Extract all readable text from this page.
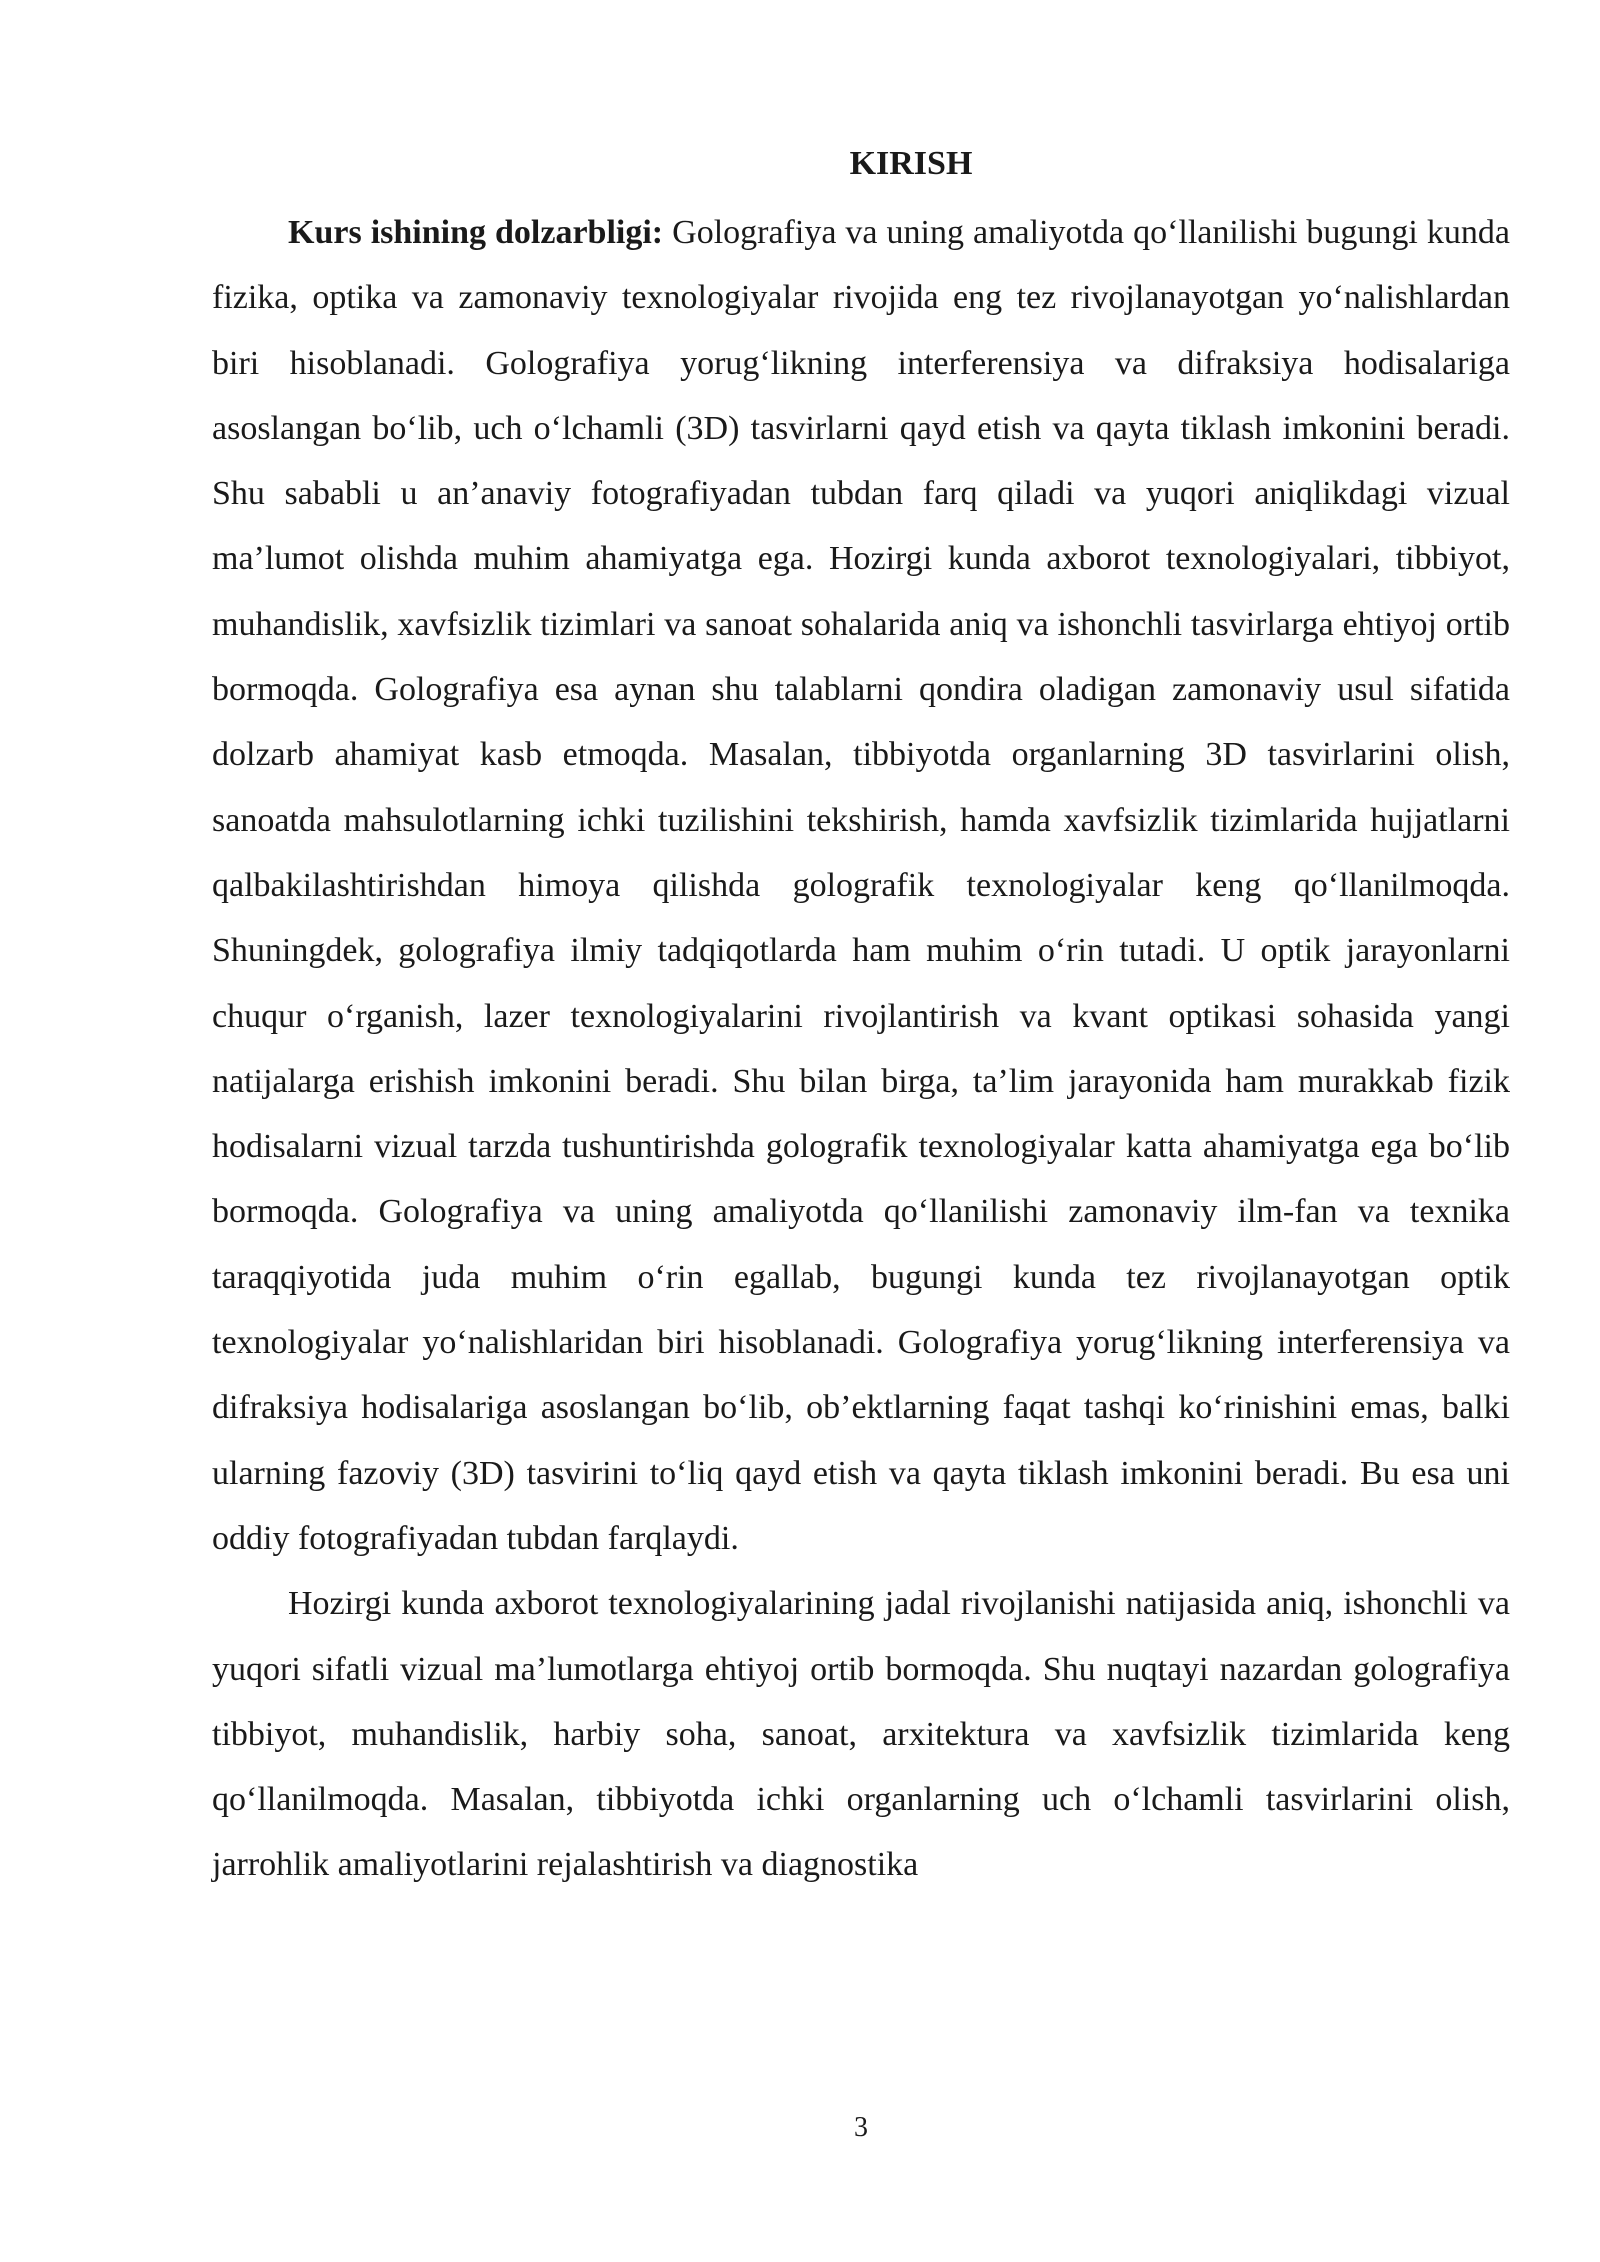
KIRISH

Kurs ishining dolzarbligi: Golografiya va uning amaliyotda qo‘llanilishi bugungi kunda fizika, optika va zamonaviy texnologiyalar rivojida eng tez rivojlanayotgan yo‘nalishlardan biri hisoblanadi. Golografiya yorug‘likning interferensiya va difraksiya hodisalariga asoslangan bo‘lib, uch o‘lchamli (3D) tasvirlarni qayd etish va qayta tiklash imkonini beradi. Shu sababli u an’anaviy fotografiyadan tubdan farq qiladi va yuqori aniqlikdagi vizual ma’lumot olishda muhim ahamiyatga ega. Hozirgi kunda axborot texnologiyalari, tibbiyot, muhandislik, xavfsizlik tizimlari va sanoat sohalarida aniq va ishonchli tasvirlarga ehtiyoj ortib bormoqda. Golografiya esa aynan shu talablarni qondira oladigan zamonaviy usul sifatida dolzarb ahamiyat kasb etmoqda. Masalan, tibbiyotda organlarning 3D tasvirlarini olish, sanoatda mahsulotlarning ichki tuzilishini tekshirish, hamda xavfsizlik tizimlarida hujjatlarni qalbakilashtirishdan himoya qilishda golografik texnologiyalar keng qo‘llanilmoqda. Shuningdek, golografiya ilmiy tadqiqotlarda ham muhim o‘rin tutadi. U optik jarayonlarni chuqur o‘rganish, lazer texnologiyalarini rivojlantirish va kvant optikasi sohasida yangi natijalarga erishish imkonini beradi. Shu bilan birga, ta’lim jarayonida ham murakkab fizik hodisalarni vizual tarzda tushuntirishda golografik texnologiyalar katta ahamiyatga ega bo‘lib bormoqda. Golografiya va uning amaliyotda qo‘llanilishi zamonaviy ilm-fan va texnika taraqqiyotida juda muhim o‘rin egallab, bugungi kunda tez rivojlanayotgan optik texnologiyalar yo‘nalishlaridan biri hisoblanadi. Golografiya yorug‘likning interferensiya va difraksiya hodisalariga asoslangan bo‘lib, ob’ektlarning faqat tashqi ko‘rinishini emas, balki ularning fazoviy (3D) tasvirini to‘liq qayd etish va qayta tiklash imkonini beradi. Bu esa uni oddiy fotografiyadan tubdan farqlaydi.

Hozirgi kunda axborot texnologiyalarining jadal rivojlanishi natijasida aniq, ishonchli va yuqori sifatli vizual ma’lumotlarga ehtiyoj ortib bormoqda. Shu nuqtayi nazardan golografiya tibbiyot, muhandislik, harbiy soha, sanoat, arxitektura va xavfsizlik tizimlarida keng qo‘llanilmoqda. Masalan, tibbiyotda ichki organlarning uch o‘lchamli tasvirlarini olish, jarrohlik amaliyotlarini rejalashtirish va diagnostika

3
